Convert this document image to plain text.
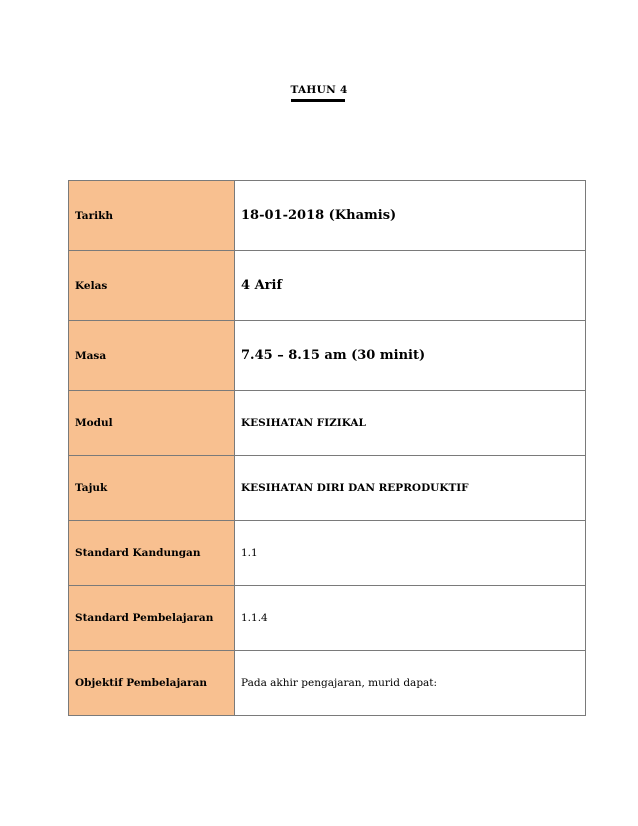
TAHUN 4
Tarikh	18-01-2018 (Khamis)
Kelas	4 Arif
Masa	7.45 – 8.15 am (30 minit)
Modul	KESIHATAN FIZIKAL
Tajuk	KESIHATAN DIRI DAN REPRODUKTIF
Standard Kandungan	1.1
Standard Pembelajaran	1.1.4
Objektif Pembelajaran	Pada akhir pengajaran, murid dapat:
